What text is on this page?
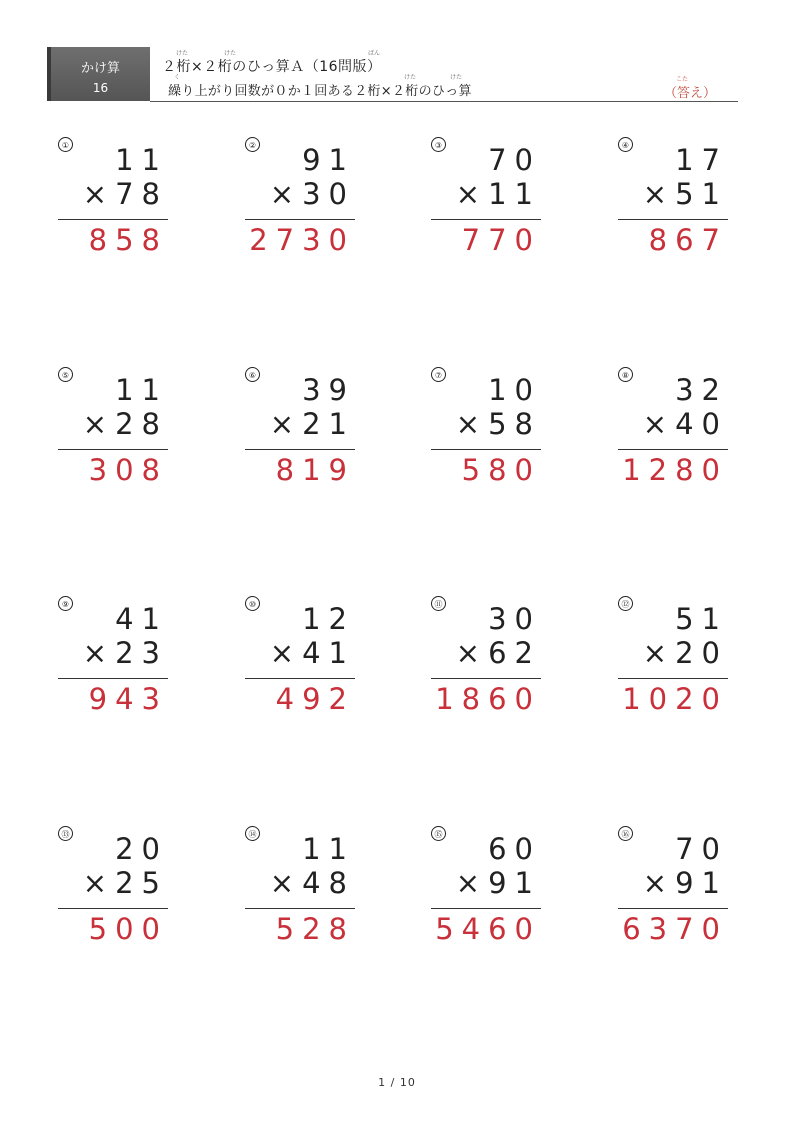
かけ算
16
２桁×２桁のひっ算Ａ（16問版）
繰り上がり回数が０か１回ある２桁×２桁のひっ算	（答え）
けた	けた	ばん
く	けた	けた	こた
① 11
×78
858
② 91
×30
2730
③ 70
×11
770
④ 17
×51
867
⑤ 11
×28
308
⑥ 39
×21
819
⑦ 10
×58
580
⑧ 32
×40
1280
⑨ 41
×23
943
⑩ 12
×41
492
⑪ 30
×62
1860
⑫ 51
×20
1020
⑬ 20
×25
500
⑭ 11
×48
528
⑮ 60
×91
5460
⑯ 70
×91
6370
1 / 10
